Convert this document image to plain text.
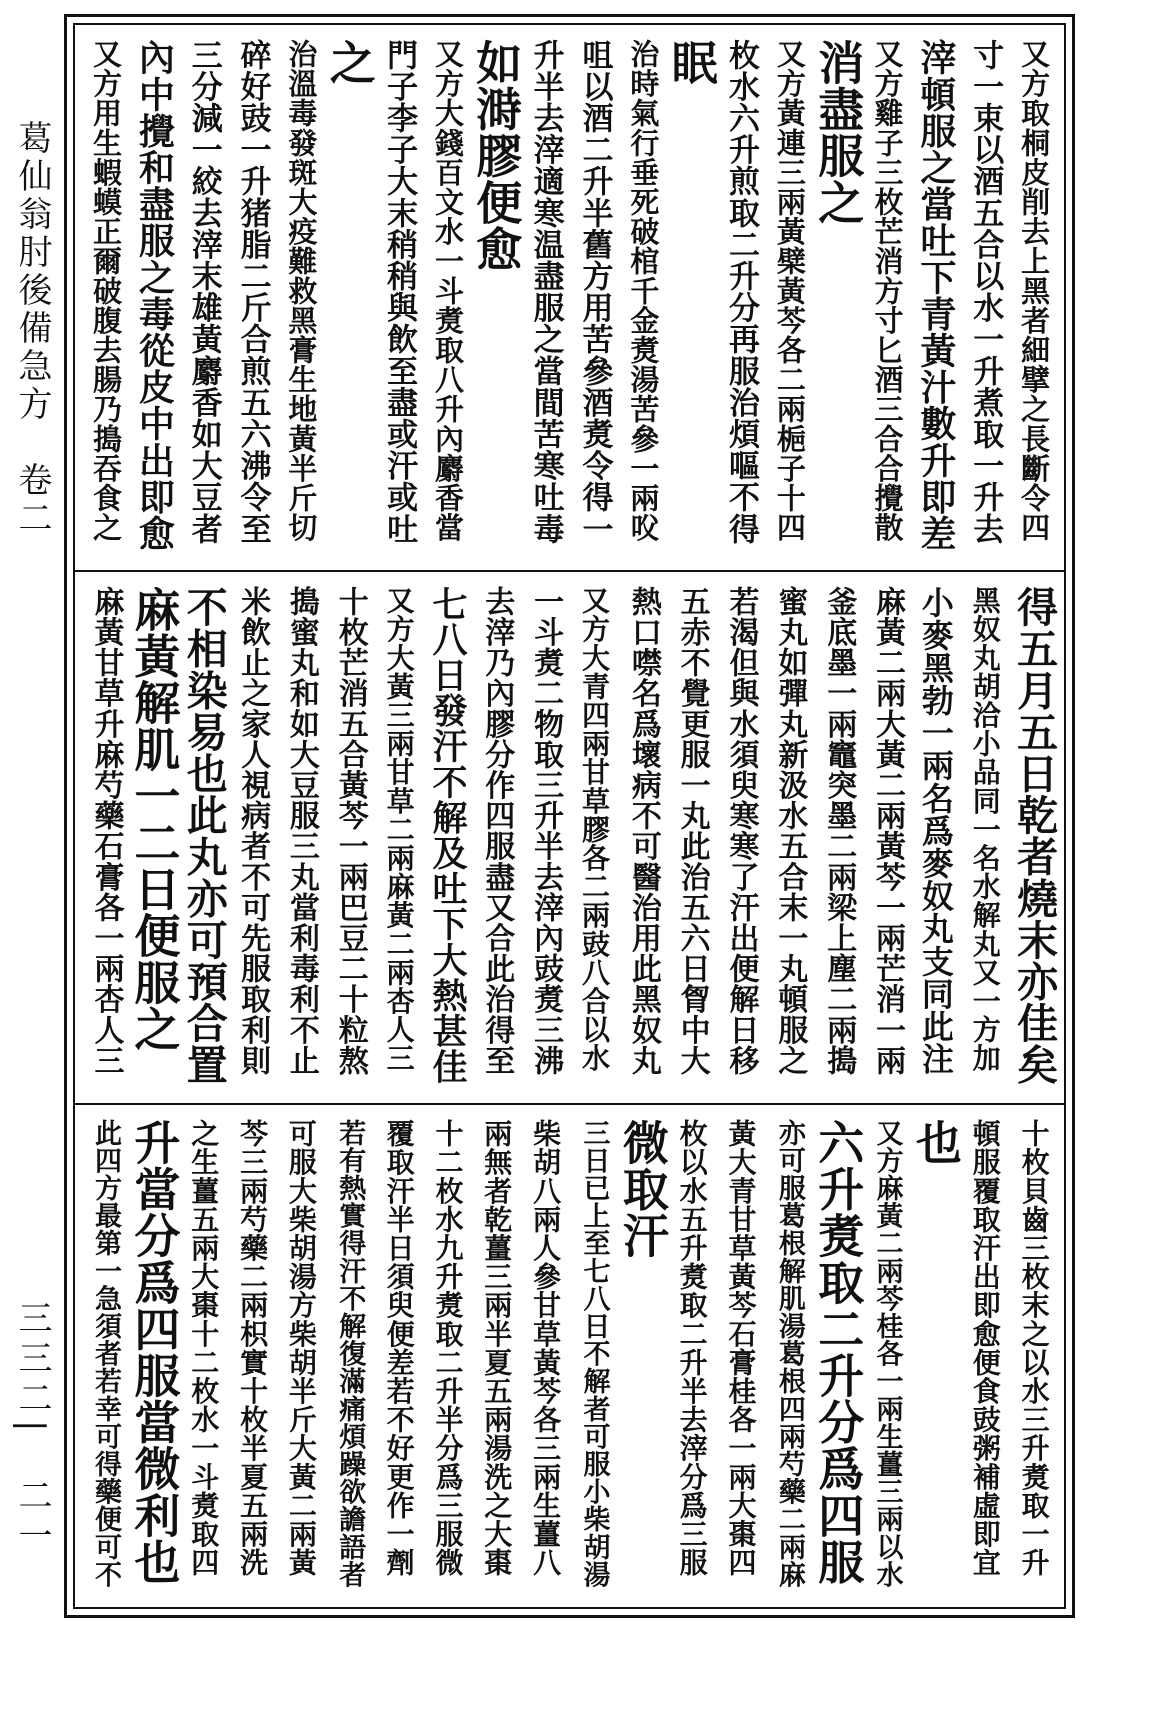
葛仙翁肘後備急方　卷二
三三二|　二一
又方取桐皮削去上黑者細擘之長斷令四
寸一束以酒五合以水一升煮取一升去
滓頓服之當吐下青黃汁數升即差
又方雞子三枚芒消方寸匕酒三合合攪散
消盡服之
又方黃連三兩黃檗黃芩各二兩梔子十四
枚水六升煎取二升分再服治煩嘔不得
眠
治時氣行垂死破棺千金煑湯苦參一兩㕮
咀以酒二升半舊方用苦參酒煑令得一
升半去滓適寒温盡服之當間苦寒吐毒
如溡膠便愈
又方大錢百文水一斗煑取八升內麝香當
門子李子大末稍稍與飲至盡或汗或吐
之
治溫毒發斑大疫難救黑膏生地黃半斤切
碎好豉一升猪脂二斤合煎五六沸令至
三分減一絞去滓末雄黃麝香如大豆者
內中攪和盡服之毒從皮中出即愈
又方用生蝦蟆正爾破腹去腸乃搗吞食之
得五月五日乾者燒末亦佳矣
黑奴丸胡洽小品同一名水解丸又一方加
小麥黑勃一兩名爲麥奴丸支同此注
麻黃二兩大黃二兩黃芩一兩芒消一兩
釜底墨一兩竈突墨二兩梁上塵二兩搗
蜜丸如彈丸新汲水五合末一丸頓服之
若渴但與水須臾寒寒了汗出便解日移
五赤不覺更服一丸此治五六日胷中大
熱口噤名爲壞病不可醫治用此黑奴丸
又方大青四兩甘草膠各二兩豉八合以水
一斗煑二物取三升半去滓內豉煑三沸
去滓乃內膠分作四服盡又合此治得至
七八日發汗不解及吐下大熱甚佳
又方大黃三兩甘草二兩麻黃二兩杏人三
十枚芒消五合黃芩一兩巴豆二十粒熬
搗蜜丸和如大豆服三丸當利毒利不止
米飲止之家人視病者不可先服取利則
不相染易也此丸亦可預合置
麻黃解肌一二日便服之
麻黃甘草升麻芍藥石膏各一兩杏人三
十枚貝齒三枚末之以水三升煑取一升
頓服覆取汗出即愈便食豉粥補虛即宜
也
又方麻黃二兩芩桂各一兩生薑三兩以水
六升煑取二升分爲四服
亦可服葛根解肌湯葛根四兩芍藥二兩麻
黃大青甘草黃芩石膏桂各一兩大棗四
枚以水五升煑取二升半去滓分爲三服
微取汗
三日已上至七八日不解者可服小柴胡湯
柴胡八兩人參甘草黃芩各三兩生薑八
兩無者乾薑三兩半夏五兩湯洗之大棗
十二枚水九升煑取二升半分爲三服微
覆取汗半日須臾便差若不好更作一劑
若有熱實得汗不解復滿痛煩躁欲譫語者
可服大柴胡湯方柴胡半斤大黃二兩黃
芩三兩芍藥二兩枳實十枚半夏五兩洗
之生薑五兩大棗十二枚水一斗煑取四
升當分爲四服當微利也
此四方最第一急須者若幸可得藥便可不
